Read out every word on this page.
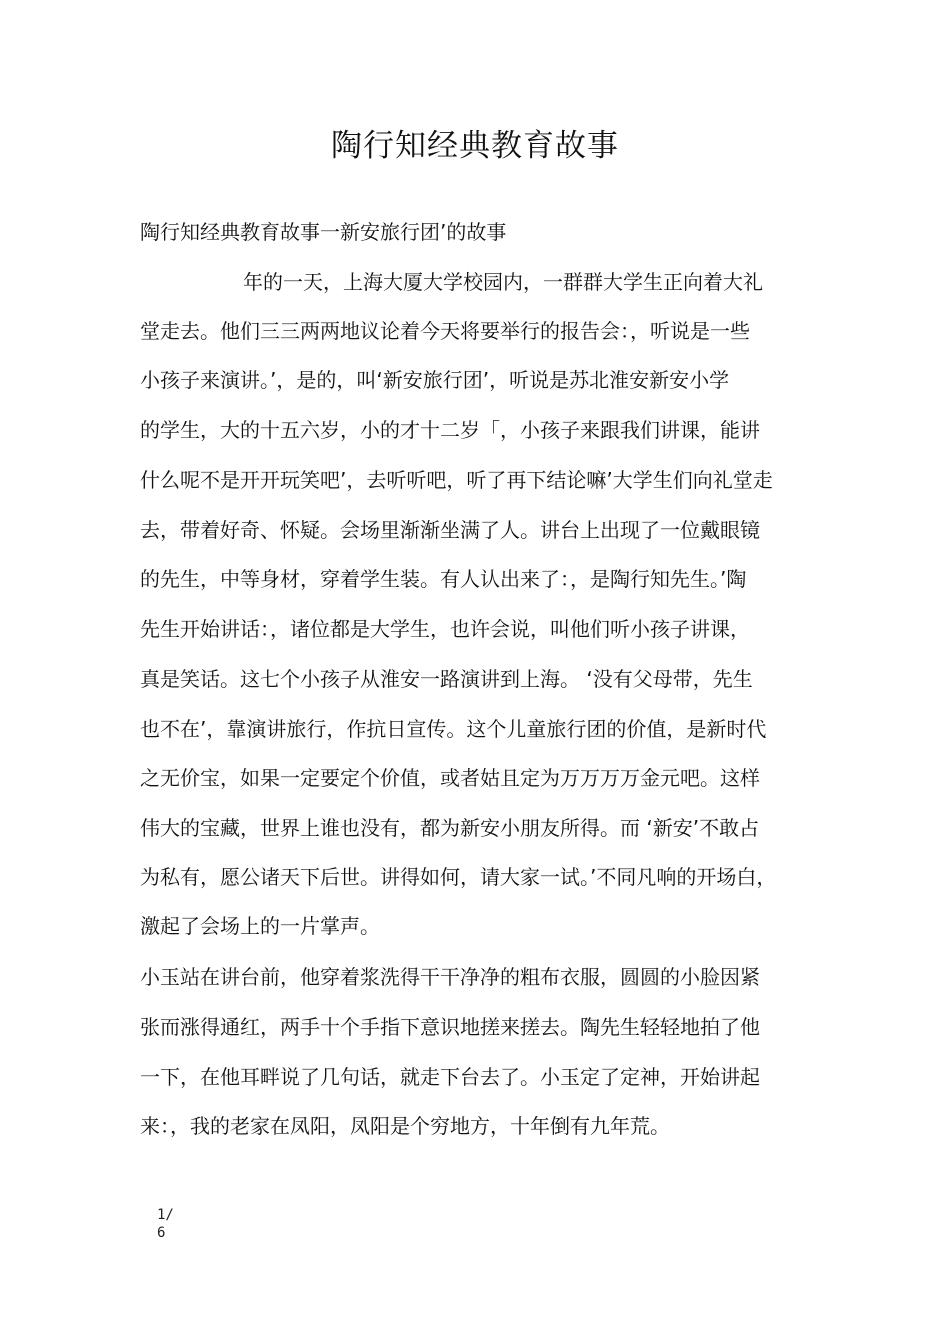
陶行知经典教育故事

陶行知经典教育故事一新安旅行团’的故事

年的一天，上海大厦大学校园内，一群群大学生正向着大礼

堂走去。他们三三两两地议论着今天将要举行的报告会：，听说是一些

小孩子来演讲。’，是的，叫‘新安旅行团’，听说是苏北淮安新安小学

的学生，大的十五六岁，小的才十二岁「，小孩子来跟我们讲课，能讲

什么呢不是开开玩笑吧’，去听听吧，听了再下结论嘛’大学生们向礼堂走

去，带着好奇、怀疑。会场里渐渐坐满了人。讲台上出现了一位戴眼镜

的先生，中等身材，穿着学生装。有人认出来了：，是陶行知先生。’陶

先生开始讲话：，诸位都是大学生，也许会说，叫他们听小孩子讲课，

真是笑话。这七个小孩子从淮安一路演讲到上海。 ‘没有父母带，先生

也不在’，靠演讲旅行，作抗日宣传。这个儿童旅行团的价值，是新时代

之无价宝，如果一定要定个价值，或者姑且定为万万万万金元吧。这样

伟大的宝藏，世界上谁也没有，都为新安小朋友所得。而 ‘新安’不敢占

为私有，愿公诸天下后世。讲得如何，请大家一试。’不同凡响的开场白，

激起了会场上的一片掌声。

小玉站在讲台前，他穿着浆洗得干干净净的粗布衣服，圆圆的小脸因紧

张而涨得通红，两手十个手指下意识地搓来搓去。陶先生轻轻地拍了他

一下，在他耳畔说了几句话，就走下台去了。小玉定了定神，开始讲起

来：，我的老家在凤阳，凤阳是个穷地方，十年倒有九年荒。

1/
6
